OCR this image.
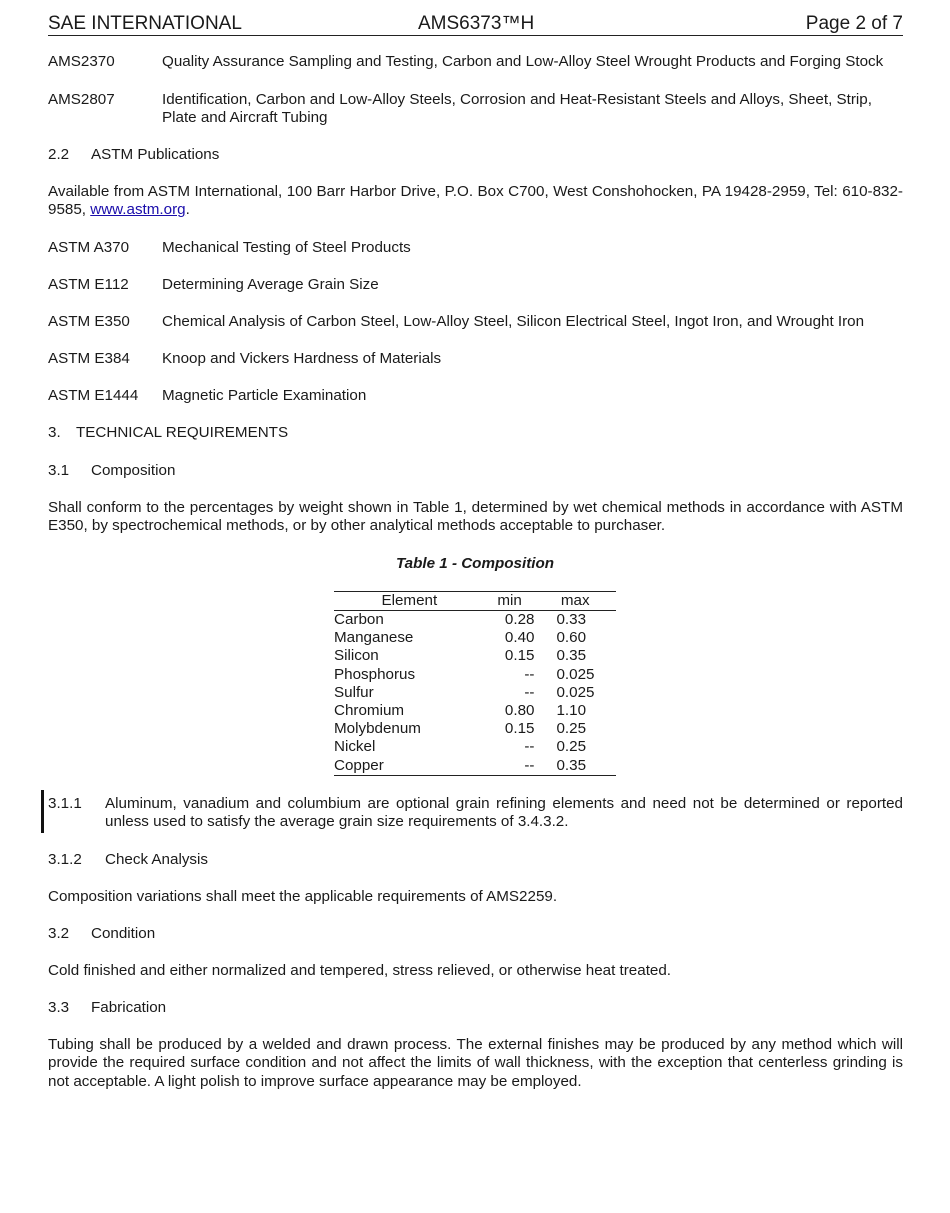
SAE INTERNATIONAL	AMS6373™H	Page 2 of 7
AMS2370	Quality Assurance Sampling and Testing, Carbon and Low-Alloy Steel Wrought Products and Forging Stock
AMS2807	Identification, Carbon and Low-Alloy Steels, Corrosion and Heat-Resistant Steels and Alloys, Sheet, Strip, Plate and Aircraft Tubing
2.2 ASTM Publications
Available from ASTM International, 100 Barr Harbor Drive, P.O. Box C700, West Conshohocken, PA 19428-2959, Tel: 610-832-9585, www.astm.org.
ASTM A370 Mechanical Testing of Steel Products
ASTM E112 Determining Average Grain Size
ASTM E350 Chemical Analysis of Carbon Steel, Low-Alloy Steel, Silicon Electrical Steel, Ingot Iron, and Wrought Iron
ASTM E384 Knoop and Vickers Hardness of Materials
ASTM E1444 Magnetic Particle Examination
3. TECHNICAL REQUIREMENTS
3.1 Composition
Shall conform to the percentages by weight shown in Table 1, determined by wet chemical methods in accordance with ASTM E350, by spectrochemical methods, or by other analytical methods acceptable to purchaser.
Table 1 - Composition
Element	min	max
Carbon	0.28	0.33
Manganese	0.40	0.60
Silicon	0.15	0.35
Phosphorus	--	0.025
Sulfur	--	0.025
Chromium	0.80	1.10
Molybdenum	0.15	0.25
Nickel	--	0.25
Copper	--	0.35
3.1.1 Aluminum, vanadium and columbium are optional grain refining elements and need not be determined or reported unless used to satisfy the average grain size requirements of 3.4.3.2.
3.1.2 Check Analysis
Composition variations shall meet the applicable requirements of AMS2259.
3.2 Condition
Cold finished and either normalized and tempered, stress relieved, or otherwise heat treated.
3.3 Fabrication
Tubing shall be produced by a welded and drawn process. The external finishes may be produced by any method which will provide the required surface condition and not affect the limits of wall thickness, with the exception that centerless grinding is not acceptable. A light polish to improve surface appearance may be employed.
